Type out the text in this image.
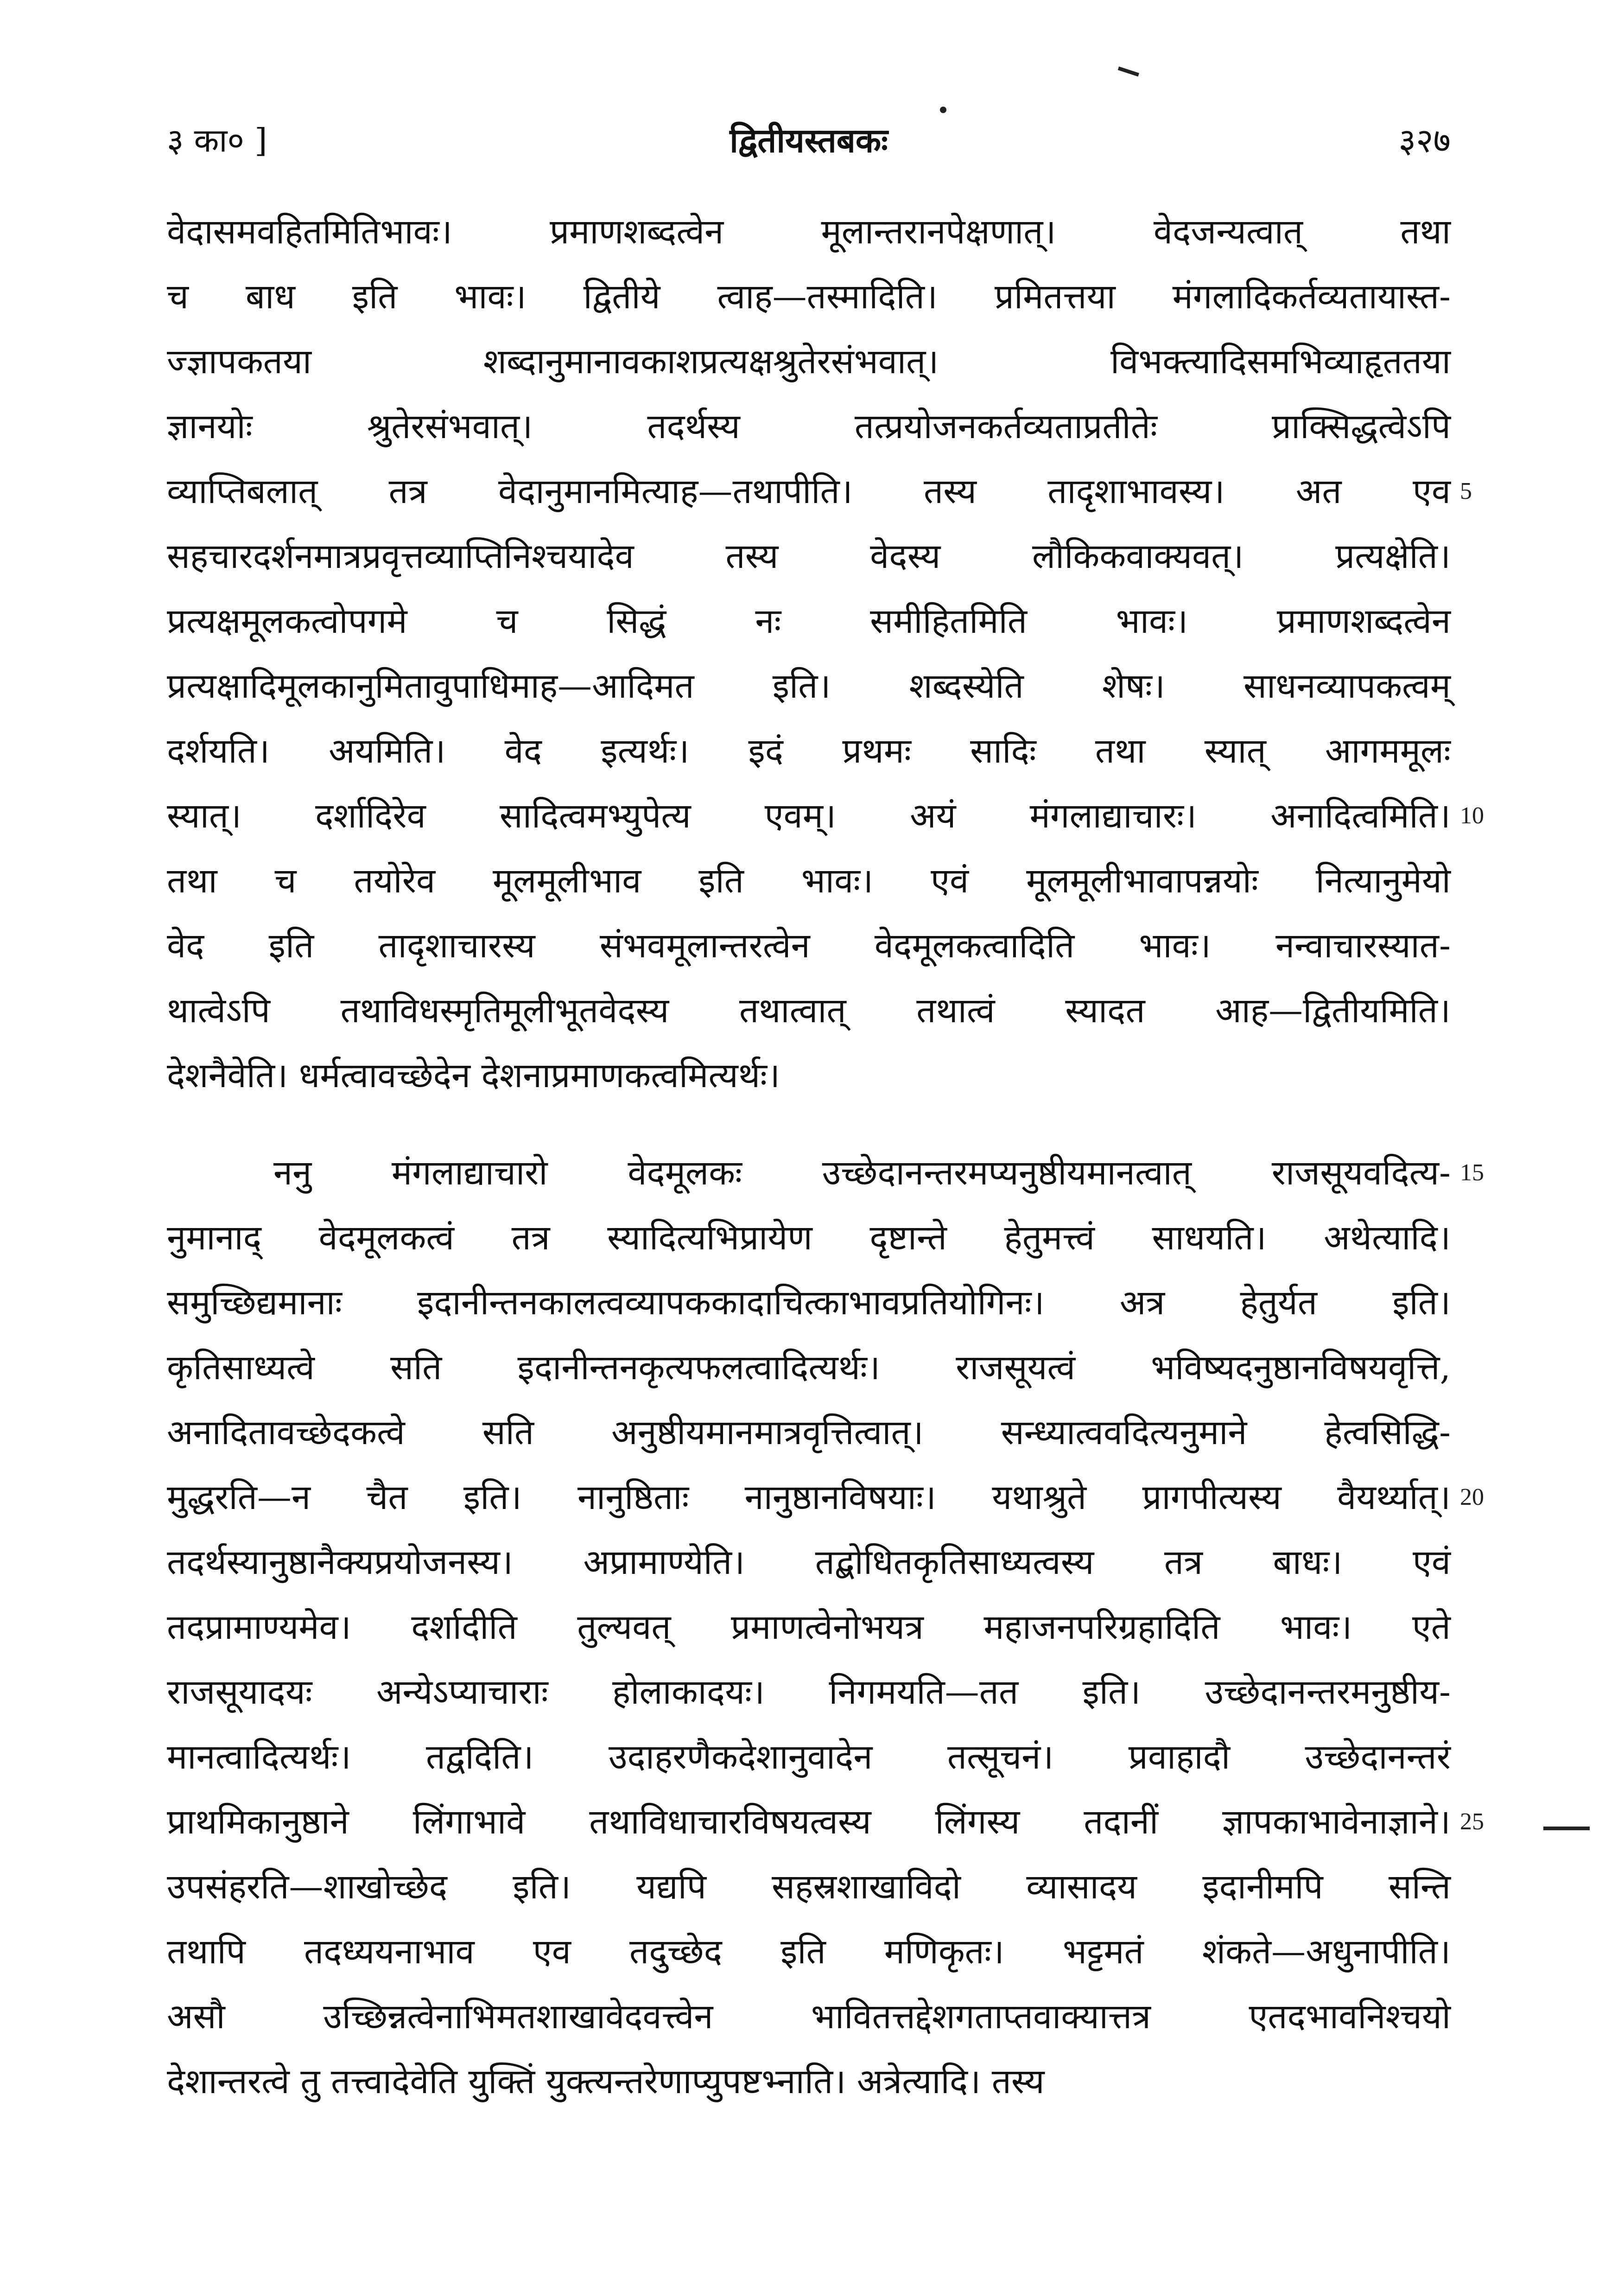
३ का० ]	द्वितीयस्तबकः	३२७
वेदासमवहितमितिभावः। प्रमाणशब्दत्वेन मूलान्तरानपेक्षणात्। वेदजन्यत्वात् तथा
च बाध इति भावः। द्वितीये त्वाह—तस्मादिति। प्रमितत्तया मंगलादिकर्तव्यतायास्त-
ज्ज्ञापकतया शब्दानुमानावकाशप्रत्यक्षश्रुतेरसंभवात्। विभक्त्यादिसमभिव्याहृततया
ज्ञानयोः श्रुतेरसंभवात्। तदर्थस्य तत्प्रयोजनकर्तव्यताप्रतीतेः प्राक्सिद्धत्वेऽपि
व्याप्तिबलात् तत्र वेदानुमानमित्याह—तथापीति। तस्य तादृशाभावस्य। अत एव 5
सहचारदर्शनमात्रप्रवृत्तव्याप्तिनिश्चयादेव तस्य वेदस्य लौकिकवाक्यवत्। प्रत्यक्षेति।
प्रत्यक्षमूलकत्वोपगमे च सिद्धं नः समीहितमिति भावः। प्रमाणशब्दत्वेन
प्रत्यक्षादिमूलकानुमितावुपाधिमाह—आदिमत इति। शब्दस्येति शेषः। साधनव्यापकत्वम्
दर्शयति। अयमिति। वेद इत्यर्थः। इदं प्रथमः सादिः तथा स्यात् आगममूलः
स्यात्। दर्शादिरेव सादित्वमभ्युपेत्य एवम्। अयं मंगलाद्याचारः। अनादित्वमिति। 10
तथा च तयोरेव मूलमूलीभाव इति भावः। एवं मूलमूलीभावापन्नयोः नित्यानुमेयो
वेद इति तादृशाचारस्य संभवमूलान्तरत्वेन वेदमूलकत्वादिति भावः। नन्वाचारस्यात-
थात्वेऽपि तथाविधस्मृतिमूलीभूतवेदस्य तथात्वात् तथात्वं स्यादत आह—द्वितीयमिति।
देशनैवेति। धर्मत्वावच्छेदेन देशनाप्रमाणकत्वमित्यर्थः।
ननु मंगलाद्याचारो वेदमूलकः उच्छेदानन्तरमप्यनुष्ठीयमानत्वात् राजसूयवदित्य- 15
नुमानाद् वेदमूलकत्वं तत्र स्यादित्यभिप्रायेण दृष्टान्ते हेतुमत्त्वं साधयति। अथेत्यादि।
समुच्छिद्यमानाः इदानीन्तनकालत्वव्यापककादाचित्काभावप्रतियोगिनः। अत्र हेतुर्यत इति।
कृतिसाध्यत्वे सति इदानीन्तनकृत्यफलत्वादित्यर्थः। राजसूयत्वं भविष्यदनुष्ठानविषयवृत्ति,
अनादितावच्छेदकत्वे सति अनुष्ठीयमानमात्रवृत्तित्वात्। सन्ध्यात्ववदित्यनुमाने हेत्वसिद्धि-
मुद्धरति—न चैत इति। नानुष्ठिताः नानुष्ठानविषयाः। यथाश्रुते प्रागपीत्यस्य वैयर्थ्यात्। 20
तदर्थस्यानुष्ठानैक्यप्रयोजनस्य। अप्रामाण्येति। तद्बोधितकृतिसाध्यत्वस्य तत्र बाधः। एवं
तदप्रामाण्यमेव। दर्शादीति तुल्यवत् प्रमाणत्वेनोभयत्र महाजनपरिग्रहादिति भावः। एते
राजसूयादयः अन्येऽप्याचाराः होलाकादयः। निगमयति—तत इति। उच्छेदानन्तरमनुष्ठीय-
मानत्वादित्यर्थः। तद्वदिति। उदाहरणैकदेशानुवादेन तत्सूचनं। प्रवाहादौ उच्छेदानन्तरं
प्राथमिकानुष्ठाने लिंगाभावे तथाविधाचारविषयत्वस्य लिंगस्य तदानीं ज्ञापकाभावेनाज्ञाने। 25
उपसंहरति—शाखोच्छेद इति। यद्यपि सहस्रशाखाविदो व्यासादय इदानीमपि सन्ति
तथापि तदध्ययनाभाव एव तदुच्छेद इति मणिकृतः। भट्टमतं शंकते—अधुनापीति।
असौ उच्छिन्नत्वेनाभिमतशाखावेदवत्त्वेन भावितत्तद्देशगताप्तवाक्यात्तत्र एतदभावनिश्चयो
देशान्तरत्वे तु तत्त्वादेवेति युक्तिं युक्त्यन्तरेणाप्युपष्टभ्नाति। अत्रेत्यादि। तस्य
